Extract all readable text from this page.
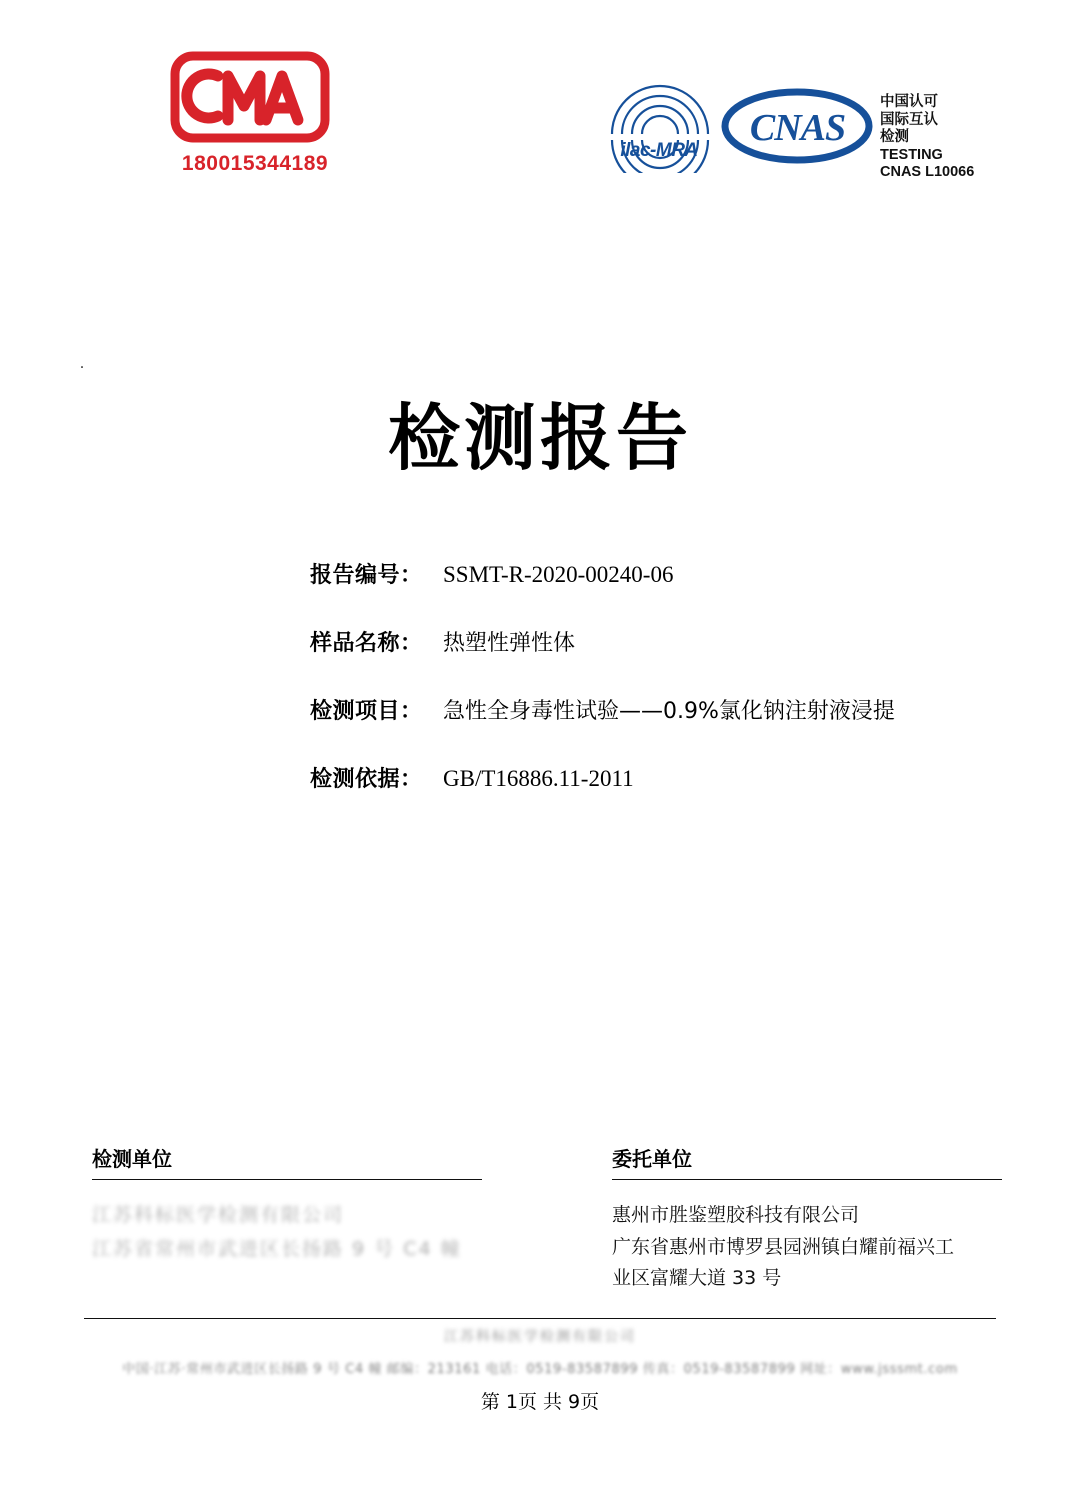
180015344189
ilac-MRA
CNAS
中国认可
国际互认
检测
TESTING
CNAS L10066
.
检测报告
报告编号： SSMT-R-2020-00240-06
样品名称： 热塑性弹性体
检测项目： 急性全身毒性试验——0.9%氯化钠注射液浸提
检测依据： GB/T16886.11-2011
检测单位
江苏科标医学检测有限公司
江苏省常州市武进区长扬路 9 号 C4 幢
委托单位
惠州市胜鉴塑胶科技有限公司
广东省惠州市博罗县园洲镇白耀前福兴工
业区富耀大道 33 号
江苏科标医学检测有限公司
中国·江苏·常州市武进区长扬路 9 号 C4 幢 邮编：213161 电话：0519-83587899 传真：0519-83587899 网址：www.jsssmt.com
第 1页 共 9页
